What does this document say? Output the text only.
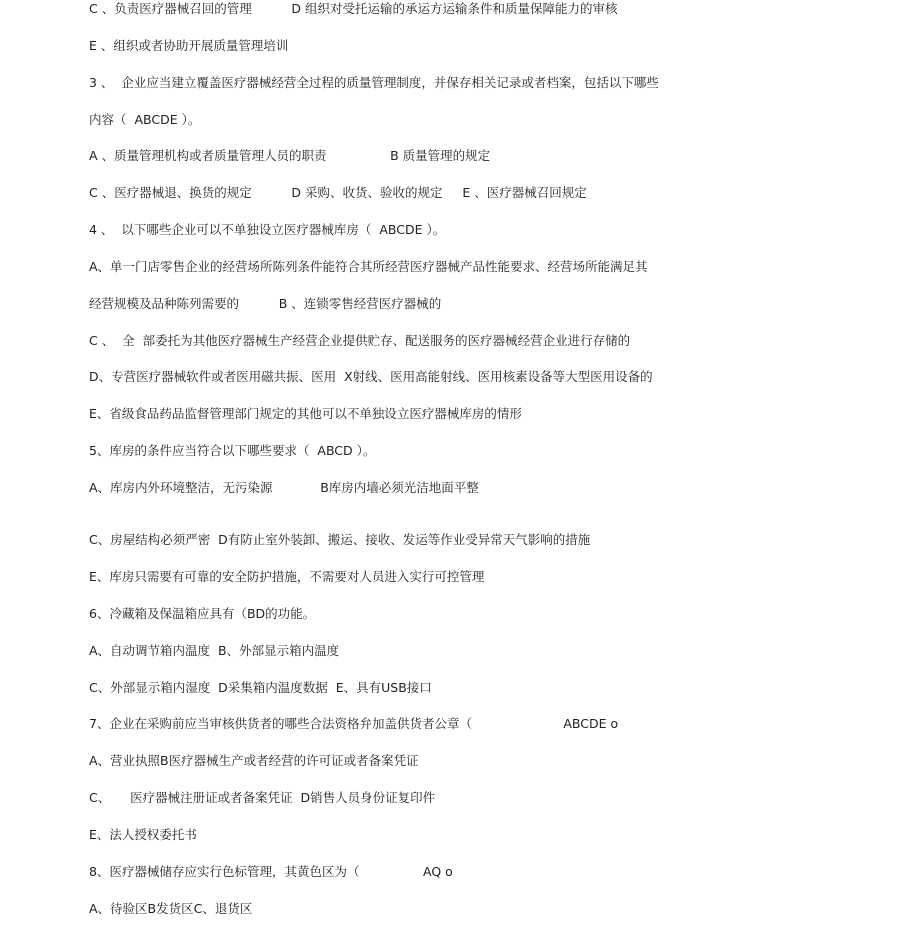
C 、负责医疗器械召回的管理          D 组织对受托运输的承运方运输条件和质量保障能力的审核
E 、组织或者协助开展质量管理培训
3 、  企业应当建立覆盖医疗器械经营全过程的质量管理制度，并保存相关记录或者档案，包括以下哪些
内容（  ABCDE ）。
A 、质量管理机构或者质量管理人员的职责                B 质量管理的规定
C 、医疗器械退、换货的规定          D 采购、收货、验收的规定     E 、医疗器械召回规定
4 、  以下哪些企业可以不单独设立医疗器械库房（  ABCDE ）。
A、单一门店零售企业的经营场所陈列条件能符合其所经营医疗器械产品性能要求、经营场所能满足其
经营规模及品种陈列需要的          B 、连锁零售经营医疗器械的
C 、  全  部委托为其他医疗器械生产经营企业提供贮存、配送服务的医疗器械经营企业进行存储的
D、专营医疗器械软件或者医用磁共振、医用  X射线、医用高能射线、医用核素设备等大型医用设备的
E、省级食品药品监督管理部门规定的其他可以不单独设立医疗器械库房的情形
5、库房的条件应当符合以下哪些要求（  ABCD ）。
A、库房内外环境整洁，无污染源            B库房内墙必须光洁地面平整
C、房屋结构必须严密  D有防止室外装卸、搬运、接收、发运等作业受异常天气影响的措施
E、库房只需要有可靠的安全防护措施，不需要对人员进入实行可控管理
6、冷藏箱及保温箱应具有（BD的功能。
A、自动调节箱内温度  B、外部显示箱内温度
C、外部显示箱内湿度  D采集箱内温度数据  E、具有USB接口
7、企业在采购前应当审核供货者的哪些合法资格弁加盖供货者公章（                       ABCDE o
A、营业执照B医疗器械生产或者经营的许可证或者备案凭证
C、     医疗器械注册证或者备案凭证  D销售人员身份证复印件
E、法人授权委托书
8、医疗器械储存应实行色标管理，其黄色区为（                AQ o
A、待验区B发货区C、退货区
